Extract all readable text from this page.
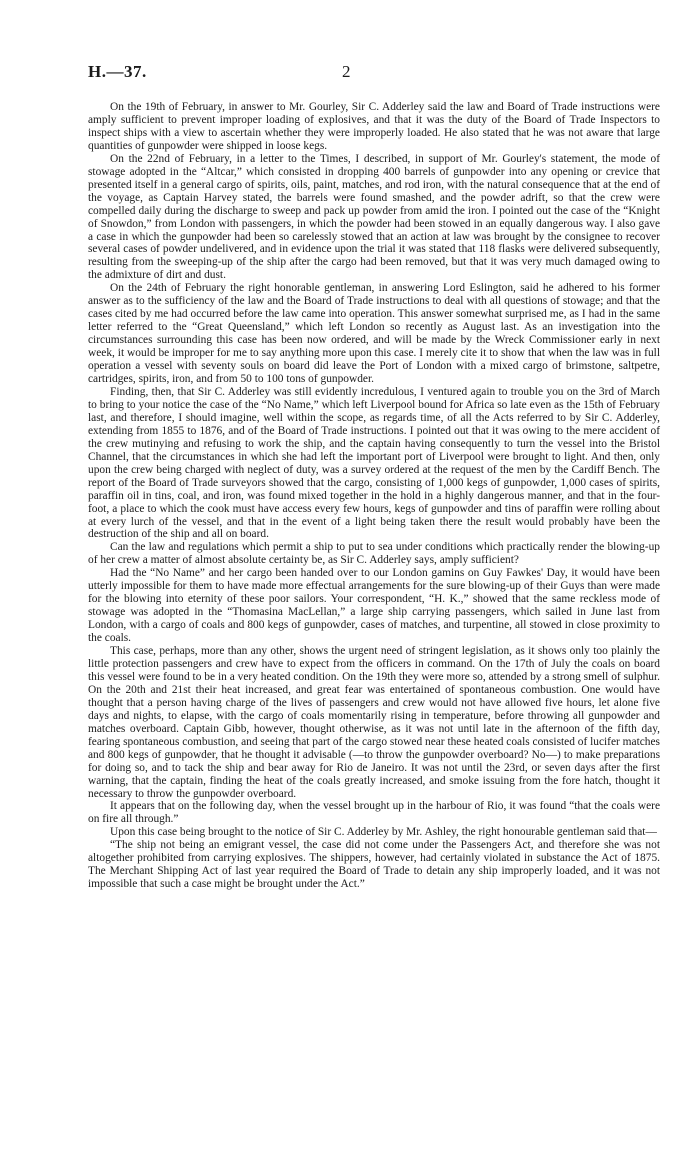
H.—37.	2

On the 19th of February, in answer to Mr. Gourley, Sir C. Adderley said the law and Board of Trade instructions were amply sufficient to prevent improper loading of explosives, and that it was the duty of the Board of Trade Inspectors to inspect ships with a view to ascertain whether they were improperly loaded. He also stated that he was not aware that large quantities of gunpowder were shipped in loose kegs.

On the 22nd of February, in a letter to the Times, I described, in support of Mr. Gourley's statement, the mode of stowage adopted in the “Altcar,” which consisted in dropping 400 barrels of gunpowder into any opening or crevice that presented itself in a general cargo of spirits, oils, paint, matches, and rod iron, with the natural consequence that at the end of the voyage, as Captain Harvey stated, the barrels were found smashed, and the powder adrift, so that the crew were compelled daily during the discharge to sweep and pack up powder from amid the iron. I pointed out the case of the “Knight of Snowdon,” from London with passengers, in which the powder had been stowed in an equally dangerous way. I also gave a case in which the gunpowder had been so carelessly stowed that an action at law was brought by the consignee to recover several cases of powder undelivered, and in evidence upon the trial it was stated that 118 flasks were delivered subsequently, resulting from the sweeping-up of the ship after the cargo had been removed, but that it was very much damaged owing to the admixture of dirt and dust.

On the 24th of February the right honorable gentleman, in answering Lord Eslington, said he adhered to his former answer as to the sufficiency of the law and the Board of Trade instructions to deal with all questions of stowage; and that the cases cited by me had occurred before the law came into operation. This answer somewhat surprised me, as I had in the same letter referred to the “Great Queensland,” which left London so recently as August last. As an investigation into the circumstances surrounding this case has been now ordered, and will be made by the Wreck Commissioner early in next week, it would be improper for me to say anything more upon this case. I merely cite it to show that when the law was in full operation a vessel with seventy souls on board did leave the Port of London with a mixed cargo of brimstone, saltpetre, cartridges, spirits, iron, and from 50 to 100 tons of gunpowder.

Finding, then, that Sir C. Adderley was still evidently incredulous, I ventured again to trouble you on the 3rd of March to bring to your notice the case of the “No Name,” which left Liverpool bound for Africa so late even as the 15th of February last, and therefore, I should imagine, well within the scope, as regards time, of all the Acts referred to by Sir C. Adderley, extending from 1855 to 1876, and of the Board of Trade instructions. I pointed out that it was owing to the mere accident of the crew mutinying and refusing to work the ship, and the captain having consequently to turn the vessel into the Bristol Channel, that the circumstances in which she had left the important port of Liverpool were brought to light. And then, only upon the crew being charged with neglect of duty, was a survey ordered at the request of the men by the Cardiff Bench. The report of the Board of Trade surveyors showed that the cargo, consisting of 1,000 kegs of gunpowder, 1,000 cases of spirits, paraffin oil in tins, coal, and iron, was found mixed together in the hold in a highly dangerous manner, and that in the four-foot, a place to which the cook must have access every few hours, kegs of gunpowder and tins of paraffin were rolling about at every lurch of the vessel, and that in the event of a light being taken there the result would probably have been the destruction of the ship and all on board.

Can the law and regulations which permit a ship to put to sea under conditions which practically render the blowing-up of her crew a matter of almost absolute certainty be, as Sir C. Adderley says, amply sufficient?

Had the “No Name” and her cargo been handed over to our London gamins on Guy Fawkes' Day, it would have been utterly impossible for them to have made more effectual arrangements for the sure blowing-up of their Guys than were made for the blowing into eternity of these poor sailors. Your correspondent, “H. K.,” showed that the same reckless mode of stowage was adopted in the “Thomasina MacLellan,” a large ship carrying passengers, which sailed in June last from London, with a cargo of coals and 800 kegs of gunpowder, cases of matches, and turpentine, all stowed in close proximity to the coals.

This case, perhaps, more than any other, shows the urgent need of stringent legislation, as it shows only too plainly the little protection passengers and crew have to expect from the officers in command. On the 17th of July the coals on board this vessel were found to be in a very heated condition. On the 19th they were more so, attended by a strong smell of sulphur. On the 20th and 21st their heat increased, and great fear was entertained of spontaneous combustion. One would have thought that a person having charge of the lives of passengers and crew would not have allowed five hours, let alone five days and nights, to elapse, with the cargo of coals momentarily rising in temperature, before throwing all gunpowder and matches overboard. Captain Gibb, however, thought otherwise, as it was not until late in the afternoon of the fifth day, fearing spontaneous combustion, and seeing that part of the cargo stowed near these heated coals consisted of lucifer matches and 800 kegs of gunpowder, that he thought it advisable (—to throw the gunpowder overboard? No—) to make preparations for doing so, and to tack the ship and bear away for Rio de Janeiro. It was not until the 23rd, or seven days after the first warning, that the captain, finding the heat of the coals greatly increased, and smoke issuing from the fore hatch, thought it necessary to throw the gunpowder overboard.

It appears that on the following day, when the vessel brought up in the harbour of Rio, it was found “that the coals were on fire all through.”

Upon this case being brought to the notice of Sir C. Adderley by Mr. Ashley, the right honourable gentleman said that—

“The ship not being an emigrant vessel, the case did not come under the Passengers Act, and therefore she was not altogether prohibited from carrying explosives. The shippers, however, had certainly violated in substance the Act of 1875. The Merchant Shipping Act of last year required the Board of Trade to detain any ship improperly loaded, and it was not impossible that such a case might be brought under the Act.”
